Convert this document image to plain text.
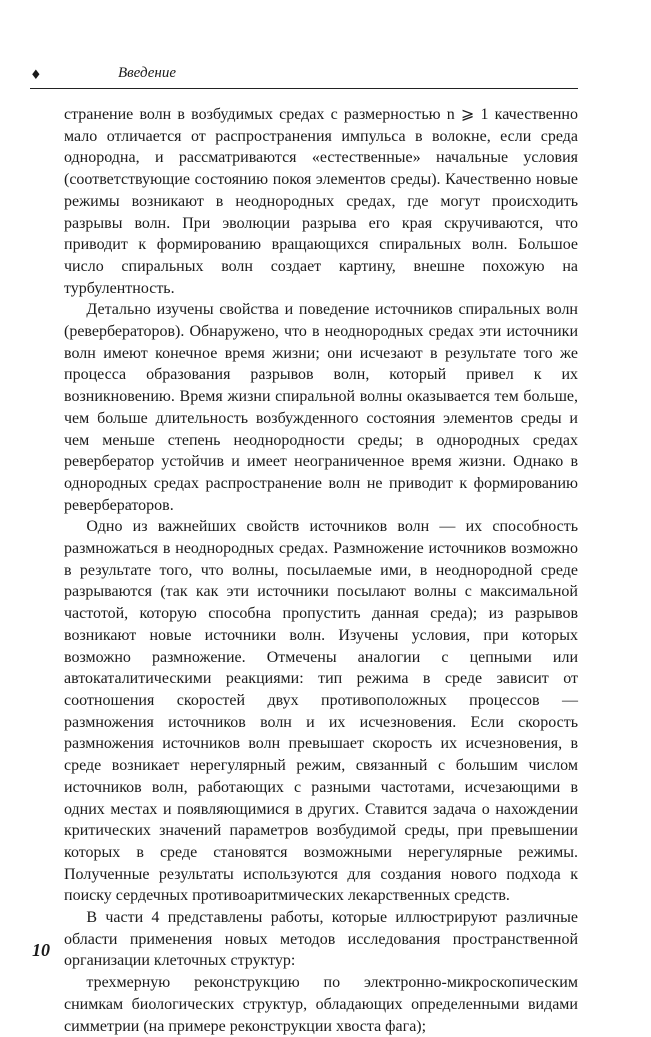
♦	Введение

странение волн в возбудимых средах с размерностью n ⩾ 1 качественно мало отличается от распространения импульса в волокне, если среда однородна, и рассматриваются «естественные» начальные условия (соответствующие состоянию покоя элементов среды). Качественно новые режимы возникают в неоднородных средах, где могут происходить разрывы волн. При эволюции разрыва его края скручиваются, что приводит к формированию вращающихся спиральных волн. Большое число спиральных волн создает картину, внешне похожую на турбулентность.

Детально изучены свойства и поведение источников спиральных волн (ревербераторов). Обнаружено, что в неоднородных средах эти источники волн имеют конечное время жизни; они исчезают в результате того же процесса образования разрывов волн, который привел к их возникновению. Время жизни спиральной волны оказывается тем больше, чем больше длительность возбужденного состояния элементов среды и чем меньше степень неоднородности среды; в однородных средах ревербератор устойчив и имеет неограниченное время жизни. Однако в однородных средах распространение волн не приводит к формированию ревербераторов.

Одно из важнейших свойств источников волн — их способность размножаться в неоднородных средах. Размножение источников возможно в результате того, что волны, посылаемые ими, в неоднородной среде разрываются (так как эти источники посылают волны с максимальной частотой, которую способна пропустить данная среда); из разрывов возникают новые источники волн. Изучены условия, при которых возможно размножение. Отмечены аналогии с цепными или автокаталитическими реакциями: тип режима в среде зависит от соотношения скоростей двух противоположных процессов — размножения источников волн и их исчезновения. Если скорость размножения источников волн превышает скорость их исчезновения, в среде возникает нерегулярный режим, связанный с большим числом источников волн, работающих с разными частотами, исчезающими в одних местах и появляющимися в других. Ставится задача о нахождении критических значений параметров возбудимой среды, при превышении которых в среде становятся возможными нерегулярные режимы. Полученные результаты используются для создания нового подхода к поиску сердечных противоаритмических лекарственных средств.

В части 4 представлены работы, которые иллюстрируют различные области применения новых методов исследования пространственной организации клеточных структур:

трехмерную реконструкцию по электронно-микроскопическим снимкам биологических структур, обладающих определенными видами симметрии (на примере реконструкции хвоста фага);

10
